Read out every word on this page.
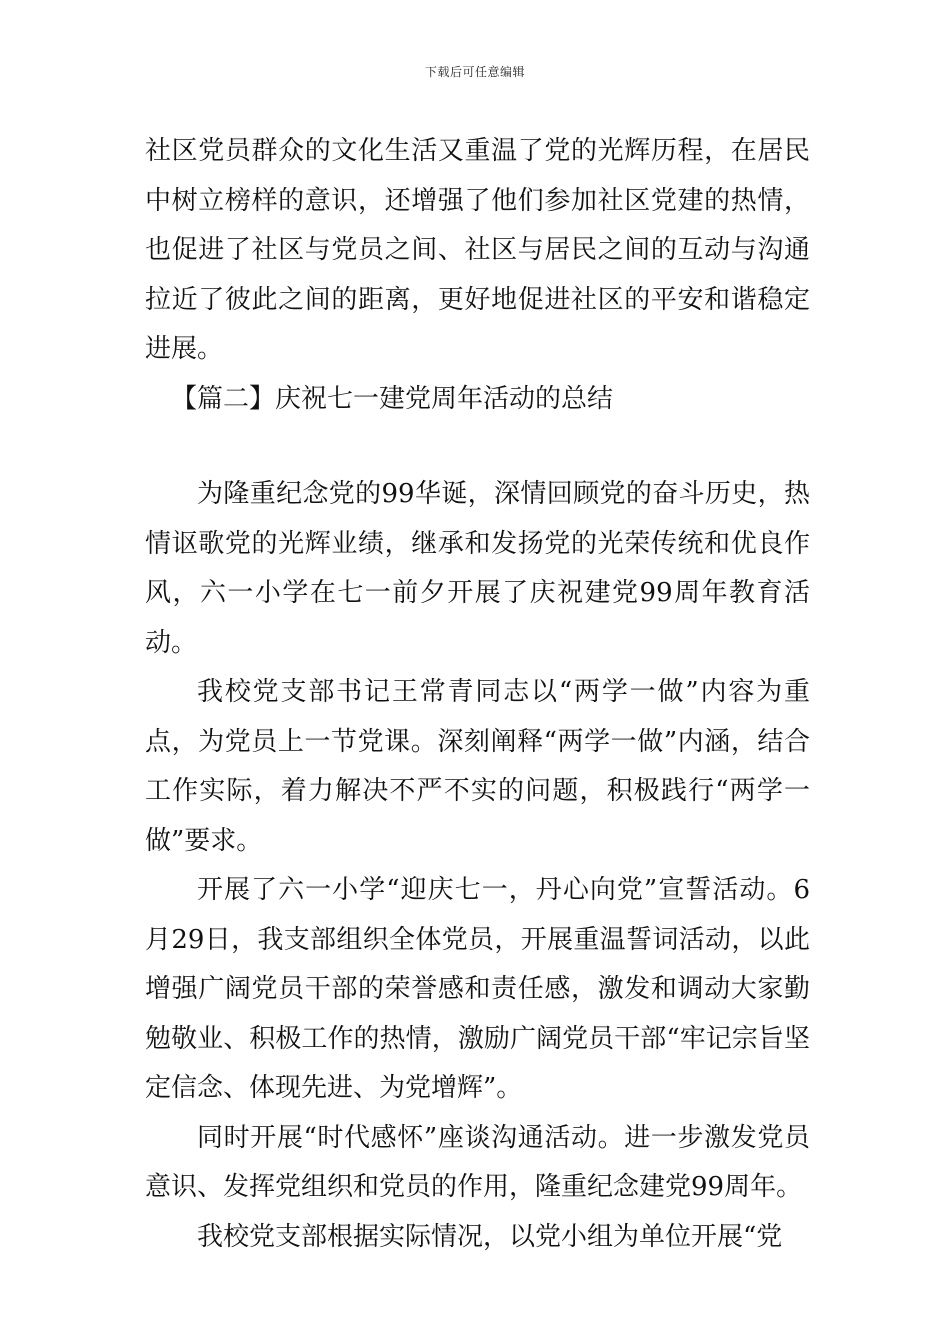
下载后可任意编辑

社区党员群众的文化生活又重温了党的光辉历程，在居民中树立榜样的意识，还增强了他们参加社区党建的热情，也促进了社区与党员之间、社区与居民之间的互动与沟通拉近了彼此之间的距离，更好地促进社区的平安和谐稳定进展。

【篇二】庆祝七一建党周年活动的总结

为隆重纪念党的99华诞，深情回顾党的奋斗历史，热情讴歌党的光辉业绩，继承和发扬党的光荣传统和优良作风，六一小学在七一前夕开展了庆祝建党99周年教育活动。

我校党支部书记王常青同志以“两学一做”内容为重点，为党员上一节党课。深刻阐释“两学一做”内涵，结合工作实际，着力解决不严不实的问题，积极践行“两学一做”要求。

开展了六一小学“迎庆七一，丹心向党”宣誓活动。6月29日，我支部组织全体党员，开展重温誓词活动，以此增强广阔党员干部的荣誉感和责任感，激发和调动大家勤勉敬业、积极工作的热情，激励广阔党员干部“牢记宗旨坚定信念、体现先进、为党增辉”。

同时开展“时代感怀”座谈沟通活动。进一步激发党员意识、发挥党组织和党员的作用，隆重纪念建党99周年。

我校党支部根据实际情况，以党小组为单位开展“党
